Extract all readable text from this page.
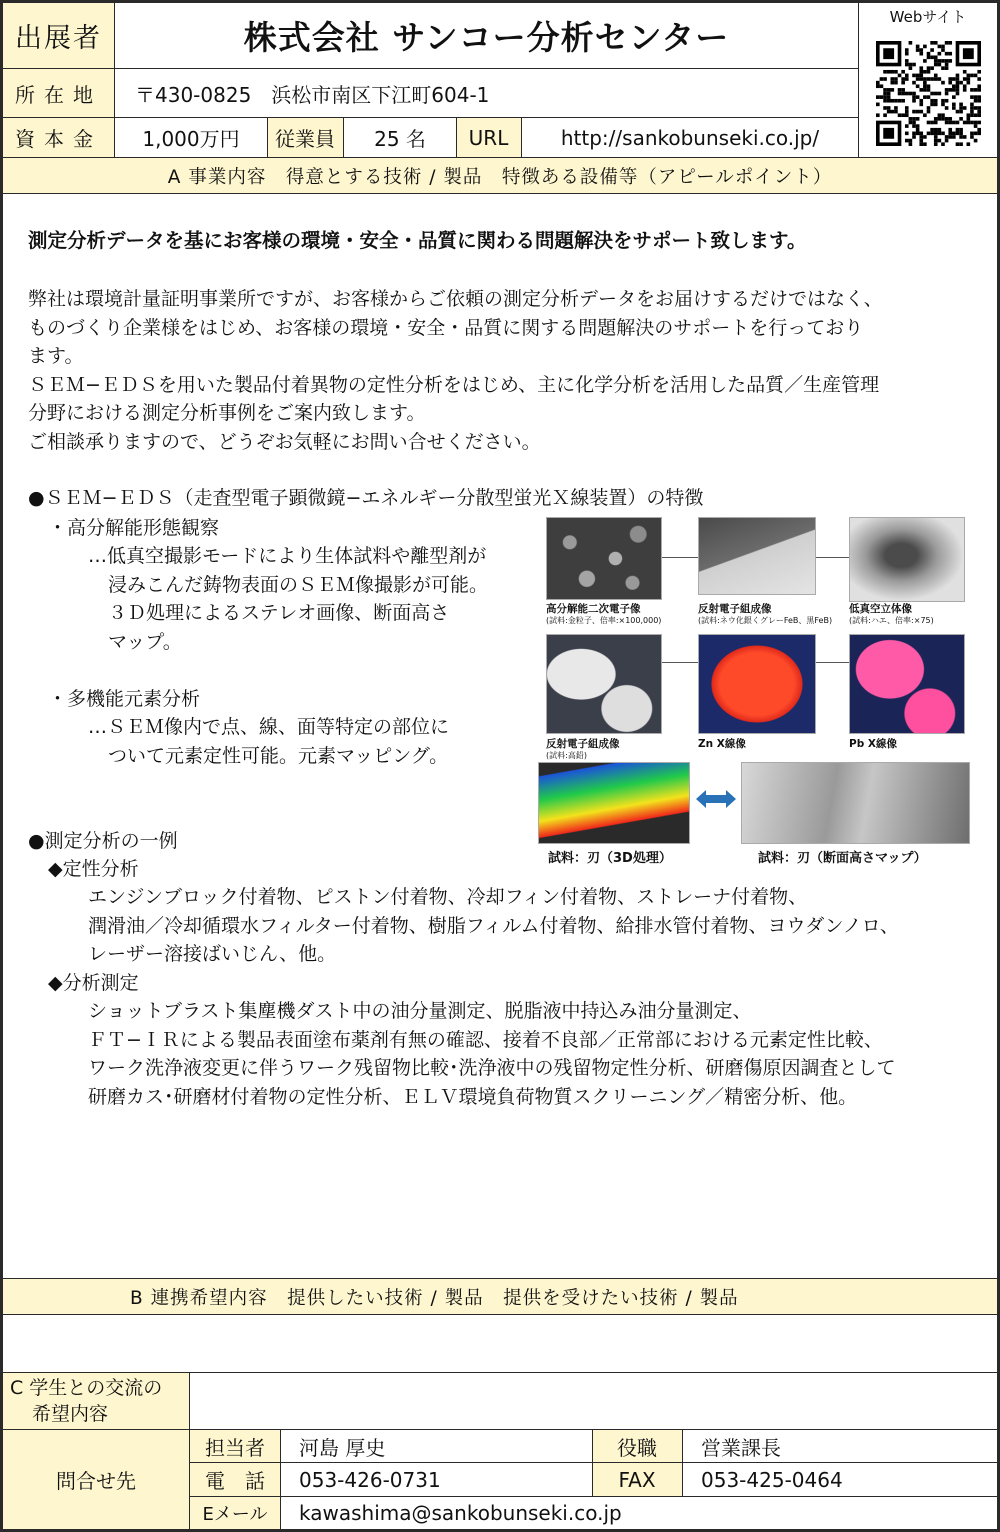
出展者	株式会社 サンコー分析センター
Webサイト
所在地	〒430-0825　浜松市南区下江町604-1
資本金	1,000万円	従業員	25 名	URL	http://sankobunseki.co.jp/
A 事業内容　得意とする技術 / 製品　特徴ある設備等（アピールポイント）
測定分析データを基にお客様の環境・安全・品質に関わる問題解決をサポート致します。

弊社は環境計量証明事業所ですが、お客様からご依頼の測定分析データをお届けするだけではなく、

ものづくり企業様をはじめ、お客様の環境・安全・品質に関する問題解決のサポートを行っており

ます。

ＳＥＭ−ＥＤＳを用いた製品付着異物の定性分析をはじめ、主に化学分析を活用した品質／生産管理

分野における測定分析事例をご案内致します。

ご相談承りますので、どうぞお気軽にお問い合せください。

●ＳＥＭ−ＥＤＳ（走査型電子顕微鏡−エネルギー分散型蛍光Ｘ線装置）の特徴
・高分解能形態観察

…低真空撮影モードにより生体試料や離型剤が

浸みこんだ鋳物表面のＳＥＭ像撮影が可能。

３Ｄ処理によるステレオ画像、断面高さ

マップ。

・多機能元素分析

…ＳＥＭ像内で点、線、面等特定の部位に

ついて元素定性可能。元素マッピング。

高分解能二次電子像
(試料:金粒子、倍率:×100,000)
反射電子組成像
(試料:ネウ化銀くグレーFeB、黒FeB)
低真空立体像
(試料:ハエ、倍率:×75)
反射電子組成像
(試料:高鉛)
Zn X線像	Pb X線像
試料：刃（3D処理）	試料：刃（断面高さマップ）
●測定分析の一例
◆定性分析

エンジンブロック付着物、ピストン付着物、冷却フィン付着物、ストレーナ付着物、

潤滑油／冷却循環水フィルター付着物、樹脂フィルム付着物、給排水管付着物、ヨウダンノロ、

レーザー溶接ばいじん、他。

◆分析測定

ショットブラスト集塵機ダスト中の油分量測定、脱脂液中持込み油分量測定、

ＦＴ−ＩＲによる製品表面塗布薬剤有無の確認、接着不良部／正常部における元素定性比較、

ワーク洗浄液変更に伴うワーク残留物比較･洗浄液中の残留物定性分析、研磨傷原因調査として

研磨カス･研磨材付着物の定性分析、ＥＬＶ環境負荷物質スクリーニング／精密分析、他。

B 連携希望内容　提供したい技術 / 製品　提供を受けたい技術 / 製品
C 学生との交流の
希望内容
問合せ先
担当者	河島 厚史	役職	営業課長
電　話	053-426-0731	FAX	053-425-0464
Eメール	kawashima@sankobunseki.co.jp
